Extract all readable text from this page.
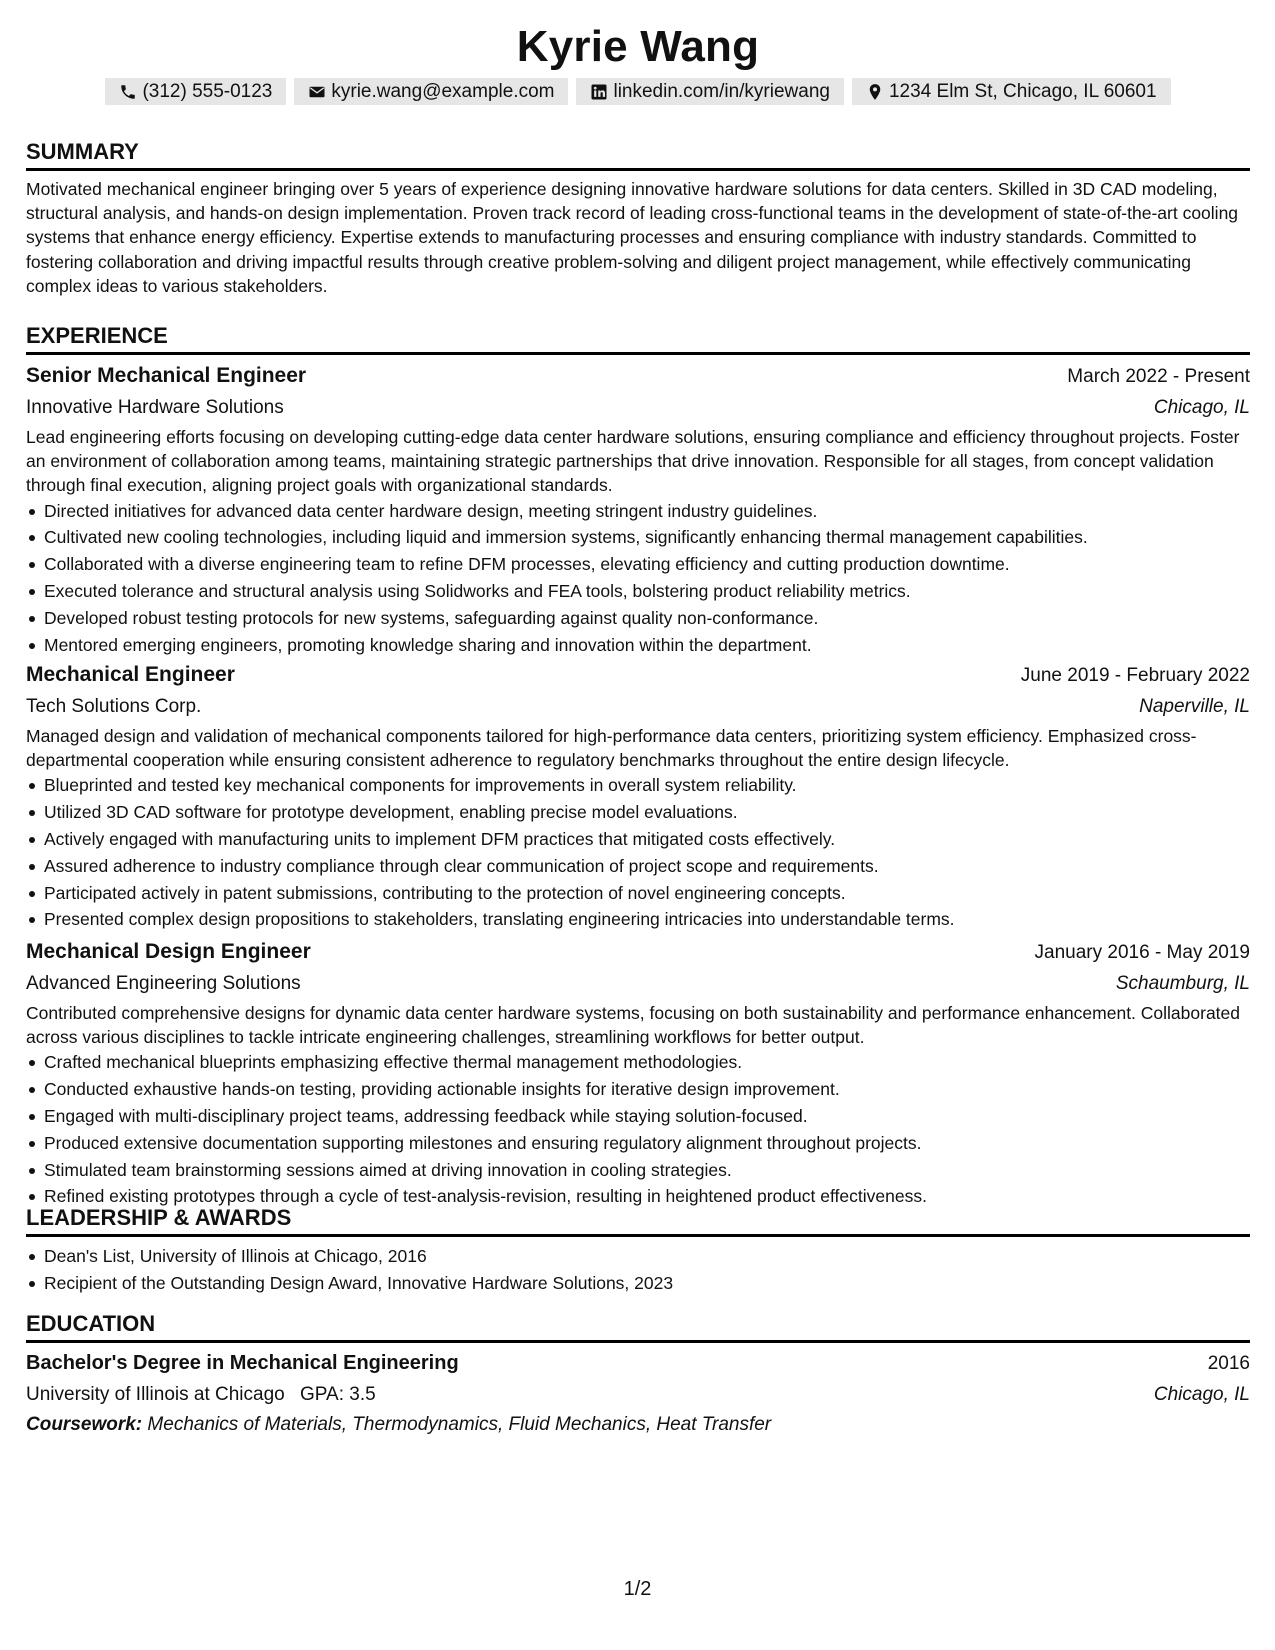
Kyrie Wang
(312) 555-0123	kyrie.wang@example.com	linkedin.com/in/kyriewang	1234 Elm St, Chicago, IL 60601
SUMMARY

Motivated mechanical engineer bringing over 5 years of experience designing innovative hardware solutions for data centers. Skilled in 3D CAD modeling, structural analysis, and hands-on design implementation. Proven track record of leading cross-functional teams in the development of state-of-the-art cooling systems that enhance energy efficiency. Expertise extends to manufacturing processes and ensuring compliance with industry standards. Committed to fostering collaboration and driving impactful results through creative problem-solving and diligent project management, while effectively communicating complex ideas to various stakeholders.

EXPERIENCE
Senior Mechanical Engineer	March 2022 - Present
Innovative Hardware Solutions	Chicago, IL

Lead engineering efforts focusing on developing cutting-edge data center hardware solutions, ensuring compliance and efficiency throughout projects. Foster an environment of collaboration among teams, maintaining strategic partnerships that drive innovation. Responsible for all stages, from concept validation through final execution, aligning project goals with organizational standards.

Directed initiatives for advanced data center hardware design, meeting stringent industry guidelines.
Cultivated new cooling technologies, including liquid and immersion systems, significantly enhancing thermal management capabilities.
Collaborated with a diverse engineering team to refine DFM processes, elevating efficiency and cutting production downtime.
Executed tolerance and structural analysis using Solidworks and FEA tools, bolstering product reliability metrics.
Developed robust testing protocols for new systems, safeguarding against quality non-conformance.
Mentored emerging engineers, promoting knowledge sharing and innovation within the department.
Mechanical Engineer	June 2019 - February 2022
Tech Solutions Corp.	Naperville, IL

Managed design and validation of mechanical components tailored for high-performance data centers, prioritizing system efficiency. Emphasized cross-departmental cooperation while ensuring consistent adherence to regulatory benchmarks throughout the entire design lifecycle.

Blueprinted and tested key mechanical components for improvements in overall system reliability.
Utilized 3D CAD software for prototype development, enabling precise model evaluations.
Actively engaged with manufacturing units to implement DFM practices that mitigated costs effectively.
Assured adherence to industry compliance through clear communication of project scope and requirements.
Participated actively in patent submissions, contributing to the protection of novel engineering concepts.
Presented complex design propositions to stakeholders, translating engineering intricacies into understandable terms.
Mechanical Design Engineer	January 2016 - May 2019
Advanced Engineering Solutions	Schaumburg, IL

Contributed comprehensive designs for dynamic data center hardware systems, focusing on both sustainability and performance enhancement. Collaborated across various disciplines to tackle intricate engineering challenges, streamlining workflows for better output.

Crafted mechanical blueprints emphasizing effective thermal management methodologies.
Conducted exhaustive hands-on testing, providing actionable insights for iterative design improvement.
Engaged with multi-disciplinary project teams, addressing feedback while staying solution-focused.
Produced extensive documentation supporting milestones and ensuring regulatory alignment throughout projects.
Stimulated team brainstorming sessions aimed at driving innovation in cooling strategies.
Refined existing prototypes through a cycle of test-analysis-revision, resulting in heightened product effectiveness.
LEADERSHIP & AWARDS
Dean's List, University of Illinois at Chicago, 2016
Recipient of the Outstanding Design Award, Innovative Hardware Solutions, 2023
EDUCATION
Bachelor's Degree in Mechanical Engineering	2016
University of Illinois at Chicago GPA: 3.5	Chicago, IL
Coursework: Mechanics of Materials, Thermodynamics, Fluid Mechanics, Heat Transfer
1/2
